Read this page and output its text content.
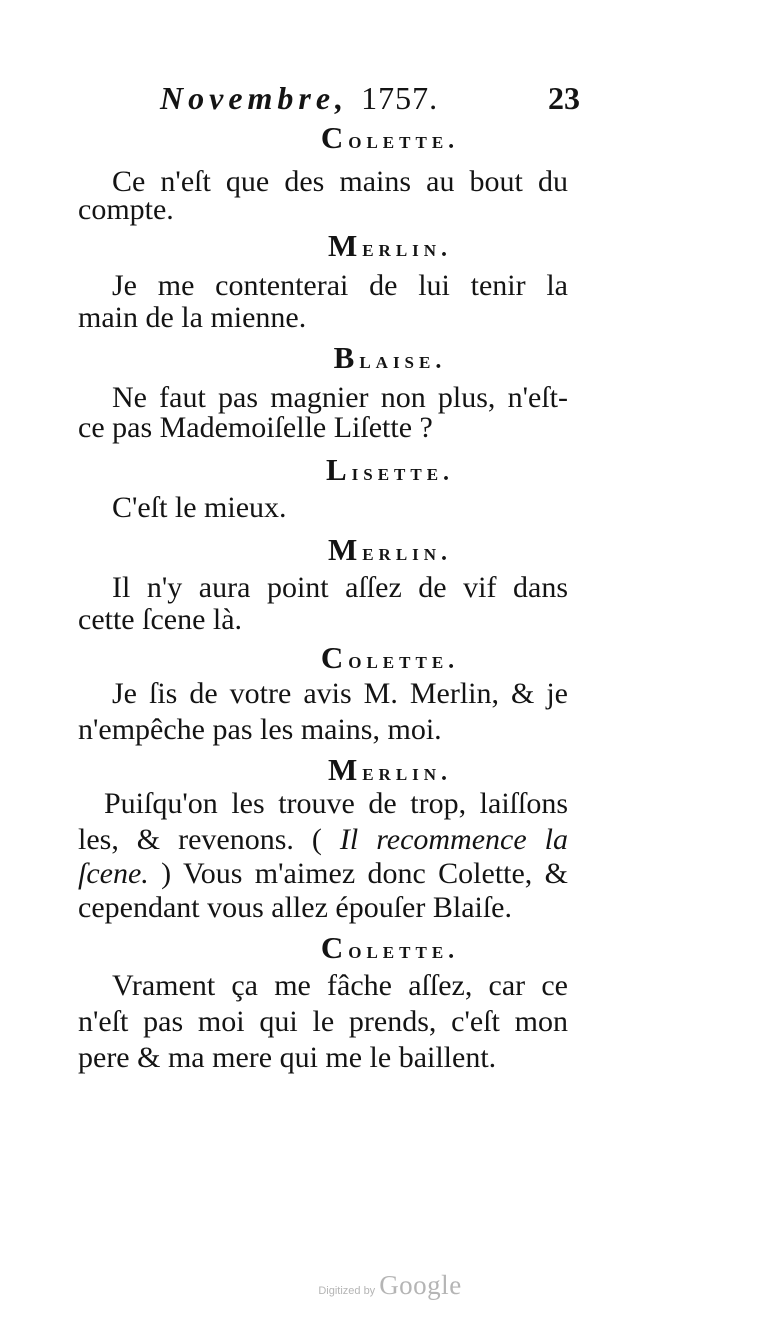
Novembre, 1757.	23
Colette.
Ce n'eſt que des mains au bout du
compte.
Merlin.
Je me contenterai de lui tenir la
main de la mienne.
Blaise.
Ne faut pas magnier non plus, n'eſt-
ce pas Mademoiſelle Liſette ?
Lisette.
C'eſt le mieux.
Merlin.
Il n'y aura point aſſez de vif dans
cette ſcene là.
Colette.
Je ſis de votre avis M. Merlin, & je
n'empêche pas les mains, moi.
Merlin.
Puiſqu'on les trouve de trop, laiſſons
les, & revenons. ( Il recommence la
ſcene. ) Vous m'aimez donc Colette, &
cependant vous allez épouſer Blaiſe.
Colette.
Vrament ça me fâche aſſez, car ce
n'eſt pas moi qui le prends, c'eſt mon
pere & ma mere qui me le baillent.
Digitized by Google
